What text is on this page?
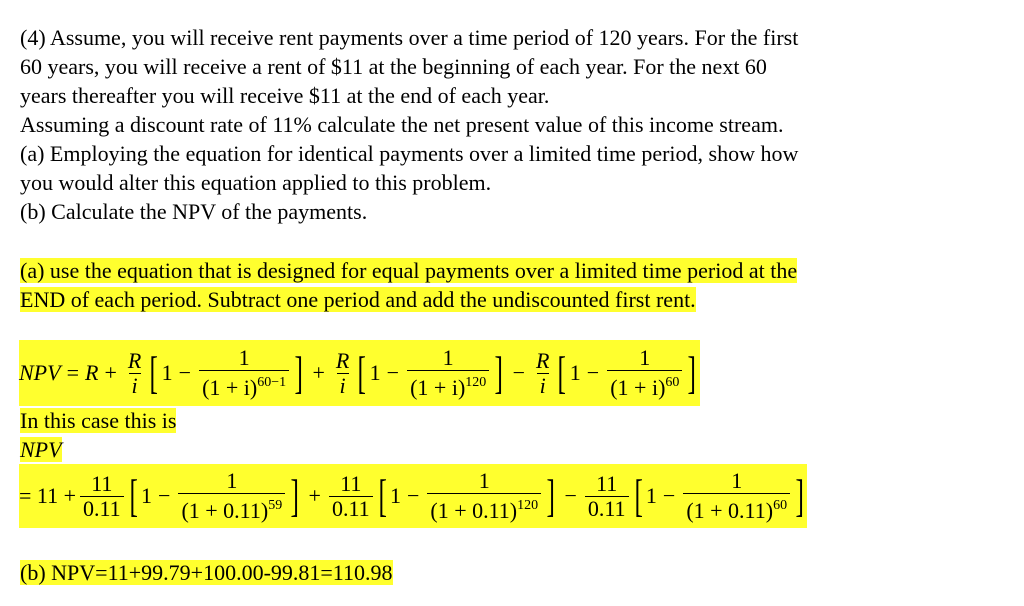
(4) Assume, you will receive rent payments over a time period of 120 years. For the first
60 years, you will receive a rent of $11 at the beginning of each year. For the next 60
years thereafter you will receive $11 at the end of each year.
Assuming a discount rate of 11% calculate the net present value of this income stream.
(a) Employing the equation for identical payments over a limited time period, show how
you would alter this equation applied to this problem.
(b) Calculate the NPV of the payments.
(a) use the equation that is designed for equal payments over a limited time period at the
END of each period. Subtract one period and add the undiscounted first rent.
NPV = $R + \frac{R}{i}$ [ $1 - \frac{1}{(1 + i)^{60-1}}$ ] + $\frac{R}{i}$ [ $1 - \frac{1}{(1 + i)^{120}}$ ] − $\frac{R}{i}$ [ $1 - \frac{1}{(1 + i)^{60}}$ ]
In this case this is
NPV
= $11 + \frac{11}{0.11}$ [ $1 - \frac{1}{(1 + 0.11)^{59}}$ ] + $\frac{11}{0.11}$ [ $1 - \frac{1}{(1 + 0.11)^{120}}$ ] − $\frac{11}{0.11}$ [ $1 - \frac{1}{(1 + 0.11)^{60}}$ ]
(b) NPV=11+99.79+100.00-99.81=110.98
